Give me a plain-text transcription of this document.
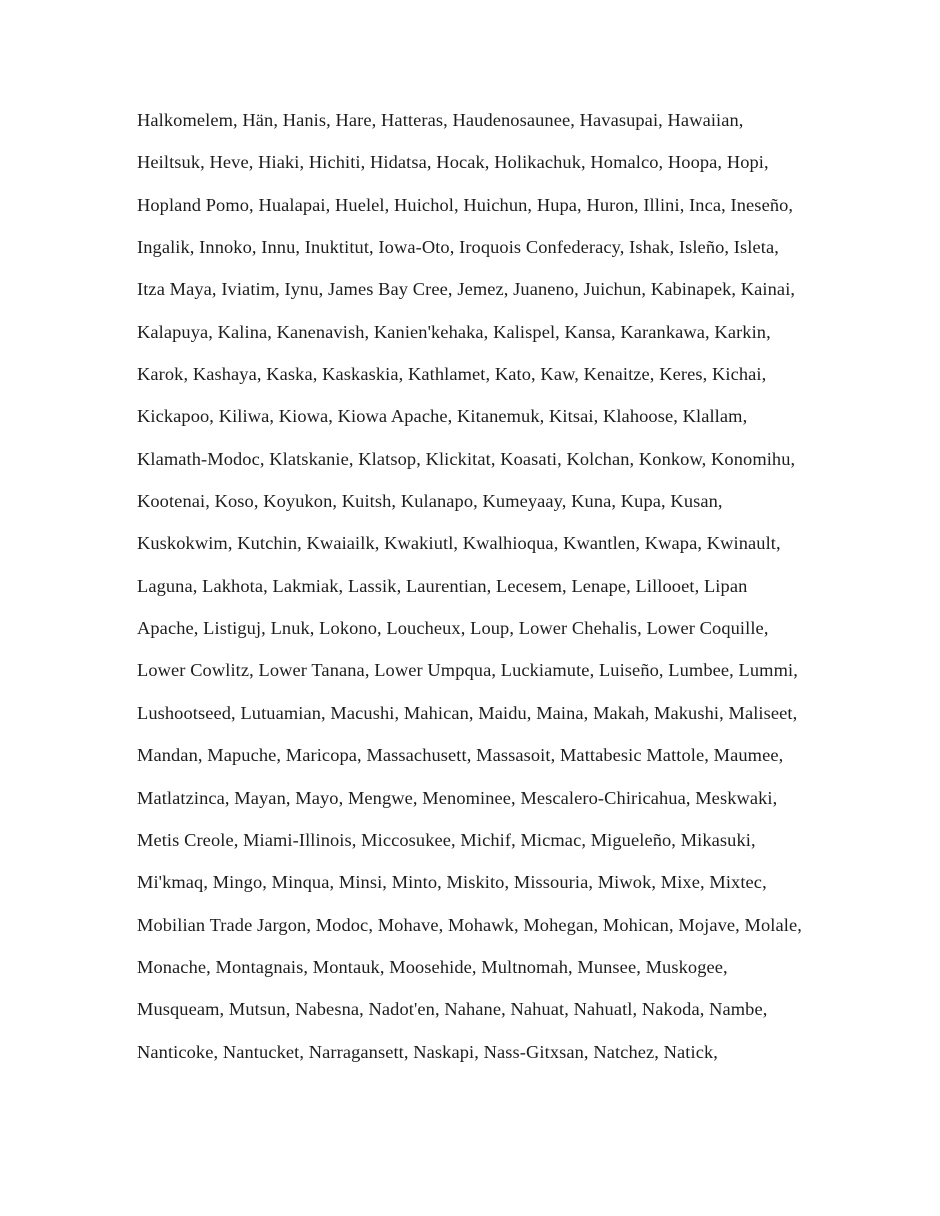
Halkomelem, Hän, Hanis, Hare, Hatteras, Haudenosaunee, Havasupai, Hawaiian,
Heiltsuk, Heve, Hiaki, Hichiti, Hidatsa, Hocak, Holikachuk, Homalco, Hoopa, Hopi,
Hopland Pomo, Hualapai, Huelel, Huichol, Huichun, Hupa, Huron, Illini, Inca, Ineseño,
Ingalik, Innoko, Innu, Inuktitut, Iowa-Oto, Iroquois Confederacy, Ishak, Isleño, Isleta,
Itza Maya, Iviatim, Iynu, James Bay Cree, Jemez, Juaneno, Juichun, Kabinapek, Kainai,
Kalapuya, Kalina, Kanenavish, Kanien'kehaka, Kalispel, Kansa, Karankawa, Karkin,
Karok, Kashaya, Kaska, Kaskaskia, Kathlamet, Kato, Kaw, Kenaitze, Keres, Kichai,
Kickapoo, Kiliwa, Kiowa, Kiowa Apache, Kitanemuk, Kitsai, Klahoose, Klallam,
Klamath-Modoc, Klatskanie, Klatsop, Klickitat, Koasati, Kolchan, Konkow, Konomihu,
Kootenai, Koso, Koyukon, Kuitsh, Kulanapo, Kumeyaay, Kuna, Kupa, Kusan,
Kuskokwim, Kutchin, Kwaiailk, Kwakiutl, Kwalhioqua, Kwantlen, Kwapa, Kwinault,
Laguna, Lakhota, Lakmiak, Lassik, Laurentian, Lecesem, Lenape, Lillooet, Lipan
Apache, Listiguj, Lnuk, Lokono, Loucheux, Loup, Lower Chehalis, Lower Coquille,
Lower Cowlitz, Lower Tanana, Lower Umpqua, Luckiamute, Luiseño, Lumbee, Lummi,
Lushootseed, Lutuamian, Macushi, Mahican, Maidu, Maina, Makah, Makushi, Maliseet,
Mandan, Mapuche, Maricopa, Massachusett, Massasoit, Mattabesic Mattole, Maumee,
Matlatzinca, Mayan, Mayo, Mengwe, Menominee, Mescalero-Chiricahua, Meskwaki,
Metis Creole, Miami-Illinois, Miccosukee, Michif, Micmac, Migueleño, Mikasuki,
Mi'kmaq, Mingo, Minqua, Minsi, Minto, Miskito, Missouria, Miwok, Mixe, Mixtec,
Mobilian Trade Jargon, Modoc, Mohave, Mohawk, Mohegan, Mohican, Mojave, Molale,
Monache, Montagnais, Montauk, Moosehide, Multnomah, Munsee, Muskogee,
Musqueam, Mutsun, Nabesna, Nadot'en, Nahane, Nahuat, Nahuatl, Nakoda, Nambe,
Nanticoke, Nantucket, Narragansett, Naskapi, Nass-Gitxsan, Natchez, Natick,
